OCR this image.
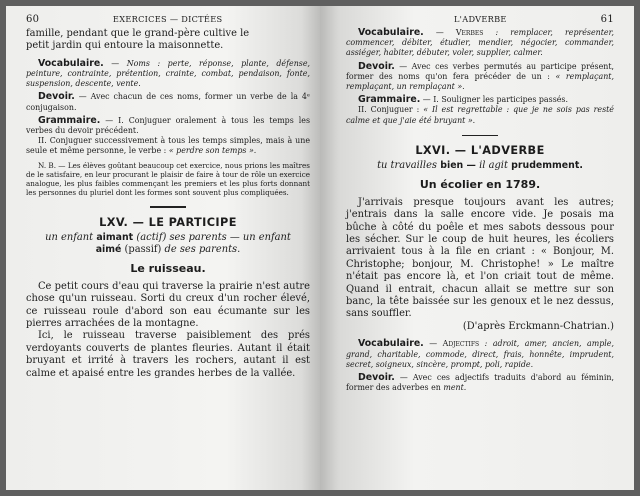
60	EXERCICES — DICTÉES

famille, pendant que le grand-père cultive le
petit jardin qui entoure la maisonnette.

Vocabulaire. — Noms : perte, réponse, plante, défense, peinture, contrainte, prétention, crainte, combat, pendaison, fonte, suspension, descente, vente.

Devoir. — Avec chacun de ces noms, former un verbe de la 4ᵉ conjugaison.

Grammaire. — I. Conjuguer oralement à tous les temps les verbes du devoir précédent.

II. Conjuguer successivement à tous les temps simples, mais à une seule et même personne, le verbe : « perdre son temps ».

N. B. — Les élèves goûtant beaucoup cet exercice, nous prions les maîtres de le satisfaire, en leur procurant le plaisir de faire à tour de rôle un exercice analogue, les plus faibles commençant les premiers et les plus forts donnant les personnes du pluriel dont les formes sont souvent plus compliquées.

LXV. — LE PARTICIPE

un enfant aimant (actif) ses parents — un enfant
aimé (passif) de ses parents.

Le ruisseau.

Ce petit cours d'eau qui traverse la prairie n'est autre chose qu'un ruisseau. Sorti du creux d'un rocher élevé, ce ruisseau roule d'abord son eau écumante sur les pierres arrachées de la montagne.

Ici, le ruisseau traverse paisiblement des prés verdoyants couverts de plantes fleuries. Autant il était bruyant et irrité à travers les rochers, autant il est calme et apaisé entre les grandes herbes de la vallée.

L'ADVERBE	61

Vocabulaire. — Verbes : remplacer, représenter, commencer, débiter, étudier, mendier, négocier, commander, assiéger, habiter, débuter, voler, supplier, calmer.

Devoir. — Avec ces verbes permutés au participe présent, former des noms qu'on fera précéder de un : « remplaçant, remplaçant, un remplaçant ».

Grammaire. — I. Souligner les participes passés.

II. Conjuguer : « Il est regrettable : que je ne sois pas resté calme et que j'aie été bruyant ».

LXVI. — L'ADVERBE

tu travailles bien — il agit prudemment.

Un écolier en 1789.

J'arrivais presque toujours avant les autres; j'entrais dans la salle encore vide. Je posais ma bûche à côté du poêle et mes sabots dessous pour les sécher. Sur le coup de huit heures, les écoliers arrivaient tous à la file en criant : « Bonjour, M. Christophe; bonjour, M. Christophe! » Le maître n'était pas encore là, et l'on criait tout de même. Quand il entrait, chacun allait se mettre sur son banc, la tête baissée sur les genoux et le nez dessus, sans souffler.

(D'après Erckmann-Chatrian.)

Vocabulaire. — Adjectifs : adroit, amer, ancien, ample, grand, charitable, commode, direct, frais, honnête, imprudent, secret, soigneux, sincère, prompt, poli, rapide.

Devoir. — Avec ces adjectifs traduits d'abord au féminin, former des adverbes en ment.
